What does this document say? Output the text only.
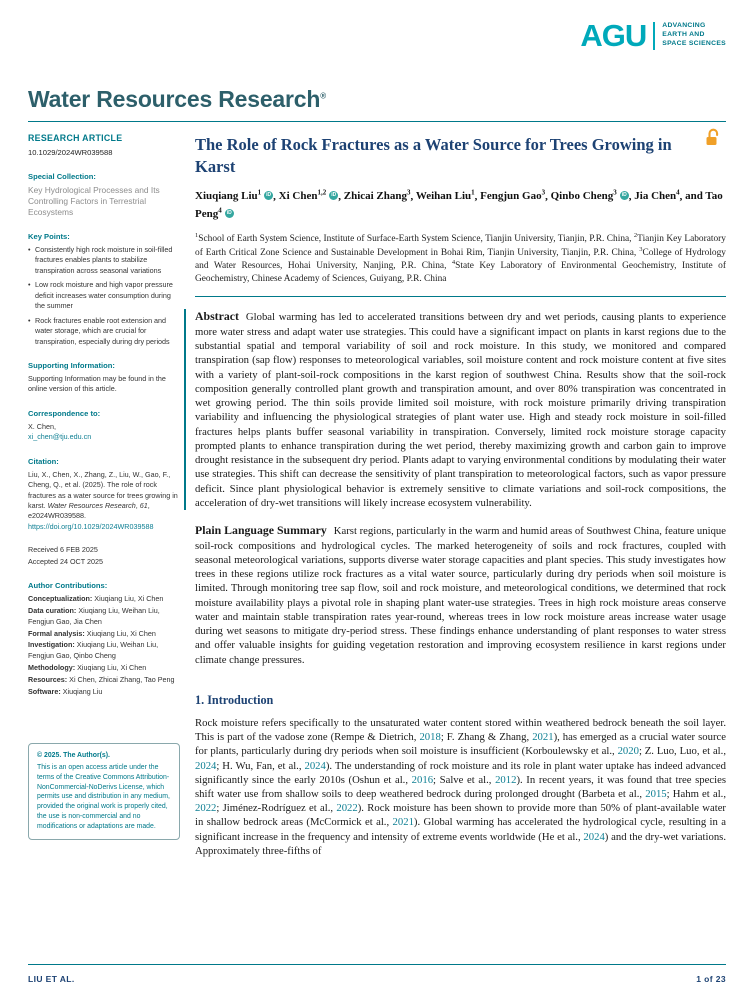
AGU ADVANCING
EARTH AND
SPACE SCIENCES
Water Resources Research®
RESEARCH ARTICLE
10.1029/2024WR039588
Special Collection:
Key Hydrological Processes and Its Controlling Factors in Terrestrial Ecosystems
Key Points:
• Consistently high rock moisture in soil-filled fractures enables plants to stabilize transpiration across seasonal variations
• Low rock moisture and high vapor pressure deficit increases water consumption during the summer
• Rock fractures enable root extension and water storage, which are crucial for transpiration, especially during dry periods
Supporting Information:
Supporting Information may be found in the online version of this article.
Correspondence to:
X. Chen,
xi_chen@tju.edu.cn
Citation:

Liu, X., Chen, X., Zhang, Z., Liu, W., Gao, F., Cheng, Q., et al. (2025). The role of rock fractures as a water source for trees growing in karst. Water Resources Research, 61, e2024WR039588. https://doi.org/10.1029/2024WR039588

Received 6 FEB 2025
Accepted 24 OCT 2025
Author Contributions:
Conceptualization: Xiuqiang Liu, Xi Chen
Data curation: Xiuqiang Liu, Weihan Liu, Fengjun Gao, Jia Chen
Formal analysis: Xiuqiang Liu, Xi Chen
Investigation: Xiuqiang Liu, Weihan Liu, Fengjun Gao, Qinbo Cheng
Methodology: Xiuqiang Liu, Xi Chen
Resources: Xi Chen, Zhicai Zhang, Tao Peng
Software: Xiuqiang Liu
© 2025. The Author(s).
This is an open access article under the terms of the Creative Commons Attribution-NonCommercial-NoDerivs License, which permits use and distribution in any medium, provided the original work is properly cited, the use is non-commercial and no modifications or adaptations are made.
The Role of Rock Fractures as a Water Source for Trees Growing in Karst

Xiuqiang Liu$^1$ iD , Xi Chen$^{1,2}$ iD , Zhicai Zhang$^3$, Weihan Liu$^1$, Fengjun Gao$^3$, Qinbo Cheng$^3$ iD , Jia Chen$^4$, and Tao Peng$^4$ iD

$^1$School of Earth System Science, Institute of Surface-Earth System Science, Tianjin University, Tianjin, P.R. China, $^2$Tianjin Key Laboratory of Earth Critical Zone Science and Sustainable Development in Bohai Rim, Tianjin University, Tianjin, P.R. China, $^3$College of Hydrology and Water Resources, Hohai University, Nanjing, P.R. China, $^4$State Key Laboratory of Environmental Geochemistry, Institute of Geochemistry, Chinese Academy of Sciences, Guiyang, P.R. China

Abstract Global warming has led to accelerated transitions between dry and wet periods, causing plants to experience more water stress and adapt water use strategies. This could have a significant impact on plants in karst regions due to the substantial spatial and temporal variability of soil and rock moisture. In this study, we monitored and compared transpiration (sap flow) responses to meteorological variables, soil moisture content and rock moisture content at five sites with a variety of plant-soil-rock compositions in the karst region of southwest China. Results show that the soil-rock composition generally controlled plant growth and transpiration amount, and over 80% transpiration was concentrated in wet growing period. The thin soils provide limited soil moisture, with rock moisture primarily driving transpiration variability and influencing the physiological strategies of plant water use. High and steady rock moisture in soil-filled fractures helps plants buffer seasonal variability in transpiration. Conversely, limited rock moisture storage capacity prompted plants to enhance transpiration during the wet period, thereby maximizing growth and carbon gain to improve drought resistance in the subsequent dry period. Plants adapt to varying environmental conditions by modulating their water use strategies. This shift can decrease the sensitivity of plant transpiration to meteorological factors, such as vapor pressure deficit. Since plant physiological behavior is extremely sensitive to climate variations and soil-rock compositions, the acceleration of dry-wet transitions will likely increase ecosystem vulnerability.

Plain Language Summary Karst regions, particularly in the warm and humid areas of Southwest China, feature unique soil-rock compositions and hydrological cycles. The marked heterogeneity of soils and rock fractures, coupled with seasonal meteorological variations, supports diverse water storage capacities and plant species. This study investigates how trees in these regions utilize rock fractures as a vital water source, particularly during dry periods when soil moisture is limited. Through monitoring tree sap flow, soil and rock moisture, and meteorological conditions, we determined that rock moisture availability plays a pivotal role in shaping plant water-use strategies. Trees in high rock moisture areas conserve water and maintain stable transpiration rates year-round, whereas trees in low rock moisture areas increase water usage during wet seasons to mitigate dry-period stress. These findings enhance understanding of plant responses to water stress and offer valuable insights for guiding vegetation restoration and improving ecosystem resilience in karst regions under climate change pressures.

1. Introduction

Rock moisture refers specifically to the unsaturated water content stored within weathered bedrock beneath the soil layer. This is part of the vadose zone (Rempe & Dietrich, 2018; F. Zhang & Zhang, 2021), has emerged as a crucial water source for plants, particularly during dry periods when soil moisture is insufficient (Korboulewsky et al., 2020; Z. Luo, Luo, et al., 2024; H. Wu, Fan, et al., 2024). The understanding of rock moisture and its role in plant water uptake has indeed advanced significantly since the early 2010s (Oshun et al., 2016; Salve et al., 2012). In recent years, it was found that tree species shift water use from shallow soils to deep weathered bedrock during prolonged drought (Barbeta et al., 2015; Hahm et al., 2022; Jiménez-Rodríguez et al., 2022). Rock moisture has been shown to provide more than 50% of plant-available water in shallow bedrock areas (McCormick et al., 2021). Global warming has accelerated the hydrological cycle, resulting in a significant increase in the frequency and intensity of extreme events worldwide (He et al., 2024) and the dry-wet variations. Approximately three-fifths of

LIU ET AL.	1 of 23
